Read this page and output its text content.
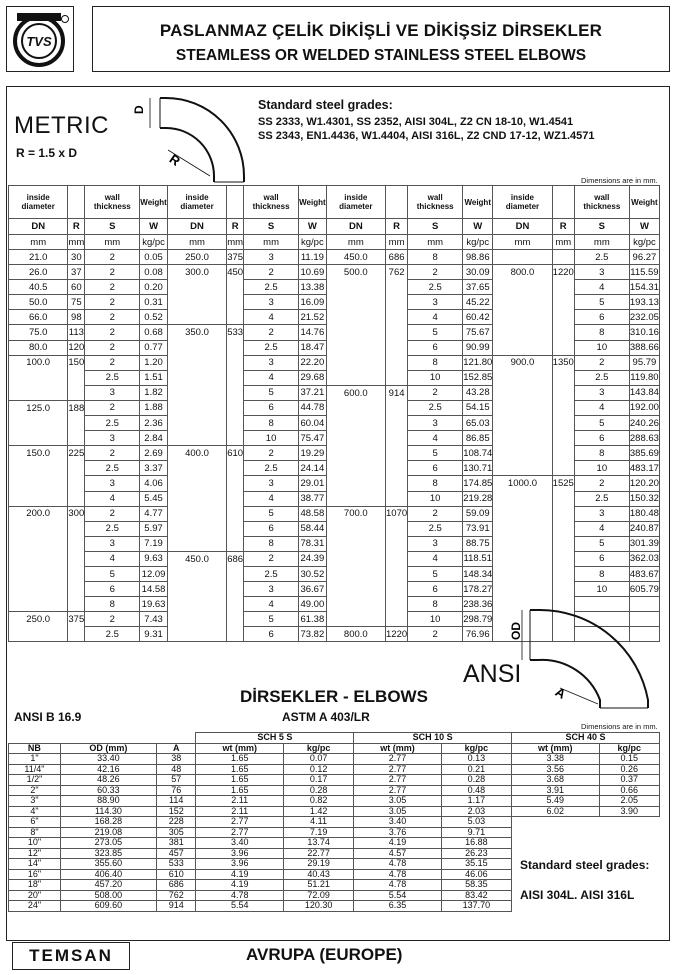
TVS
PASLANMAZ ÇELİK DİKİŞLİ VE DİKİŞSİZ DİRSEKLER
STEAMLESS OR WELDED STAINLESS STEEL ELBOWS
METRIC
R = 1.5 x D
D
R
Standard steel grades:
SS 2333, W1.4301, SS 2352, AISI 304L, Z2 CN 18-10, W1.4541
SS 2343, EN1.4436, W1.4404, AISI 316L, Z2 CND 17-12, WZ1.4571
Dimensions are in mm.
inside diameter		wall thickness	Weight	inside diameter		wall thickness	Weight	inside diameter		wall thickness	Weight	inside diameter		wall thickness	Weight
DN	R	S	W	DN	R	S	W	DN	R	S	W	DN	R	S	W
mm	mm	mm	kg/pc	mm	mm	mm	kg/pc	mm	mm	mm	kg/pc	mm	mm	mm	kg/pc
21.0	30	2	0.05	250.0	375	3	11.19	450.0	686	8	98.86			2.5	96.27
26.0	37	2	0.08	300.0	450	2	10.69	500.0	762	2	30.09	800.0	1220	3	115.59
40.5	60	2	0.20			2.5	13.38			2.5	37.65			4	154.31
50.0	75	2	0.31			3	16.09			3	45.22			5	193.13
66.0	98	2	0.52			4	21.52			4	60.42			6	232.05
75.0	113	2	0.68	350.0	533	2	14.76			5	75.67			8	310.16
80.0	120	2	0.77			2.5	18.47			6	90.99			10	388.66
100.0	150	2	1.20			3	22.20			8	121.80	900.0	1350	2	95.79
		2.5	1.51			4	29.68			10	152.85			2.5	119.80
		3	1.82			5	37.21	600.0	914	2	43.28			3	143.84
125.0	188	2	1.88			6	44.78			2.5	54.15			4	192.00
		2.5	2.36			8	60.04			3	65.03			5	240.26
		3	2.84			10	75.47			4	86.85			6	288.63
150.0	225	2	2.69	400.0	610	2	19.29			5	108.74			8	385.69
		2.5	3.37			2.5	24.14			6	130.71			10	483.17
		3	4.06			3	29.01			8	174.85	1000.0	1525	2	120.20
		4	5.45			4	38.77			10	219.28			2.5	150.32
200.0	300	2	4.77			5	48.58	700.0	1070	2	59.09			3	180.48
		2.5	5.97			6	58.44			2.5	73.91			4	240.87
		3	7.19			8	78.31			3	88.75			5	301.39
		4	9.63	450.0	686	2	24.39			4	118.51			6	362.03
		5	12.09			2.5	30.52			5	148.34			8	483.67
		6	14.58			3	36.67			6	178.27			10	605.79
		8	19.63			4	49.00			8	238.36				
250.0	375	2	7.43			5	61.38			10	298.79				
		2.5	9.31			6	73.82	800.0	1220	2	76.96				OD
A
ANSI
DİRSEKLER - ELBOWS
ASTM A 403/LR
ANSI B 16.9
Dimensions are in mm.
			SCH 5 S		SCH 10 S		SCH 40 S	
NB	OD (mm)	A	wt (mm)	kg/pc	wt (mm)	kg/pc	wt (mm)	kg/pc
1"	33.40	38	1.65	0.07	2.77	0.13	3.38	0.15
11/4"	42.16	48	1.65	0.12	2.77	0.21	3.56	0.26
1/2"	48.26	57	1.65	0.17	2.77	0.28	3.68	0.37
2"	60.33	76	1.65	0.28	2.77	0.48	3.91	0.66
3"	88.90	114	2.11	0.82	3.05	1.17	5.49	2.05
4"	114.30	152	2.11	1.42	3.05	2.03	6.02	3.90
6"	168.28	228	2.77	4.11	3.40	5.03		
8"	219.08	305	2.77	7.19	3.76	9.71		
10"	273.05	381	3.40	13.74	4.19	16.88		
12"	323.85	457	3.96	22.77	4.57	26.23		
14"	355.60	533	3.96	29.19	4.78	35.15		
16"	406.40	610	4.19	40.43	4.78	46.06		
18"	457.20	686	4.19	51.21	4.78	58.35		
20"	508.00	762	4.78	72.09	5.54	83.42		
24"	609.60	914	5.54	120.30	6.35	137.70		
Standard steel grades:
AISI 304L. AISI 316L
TEMSAN	AVRUPA (EUROPE)
